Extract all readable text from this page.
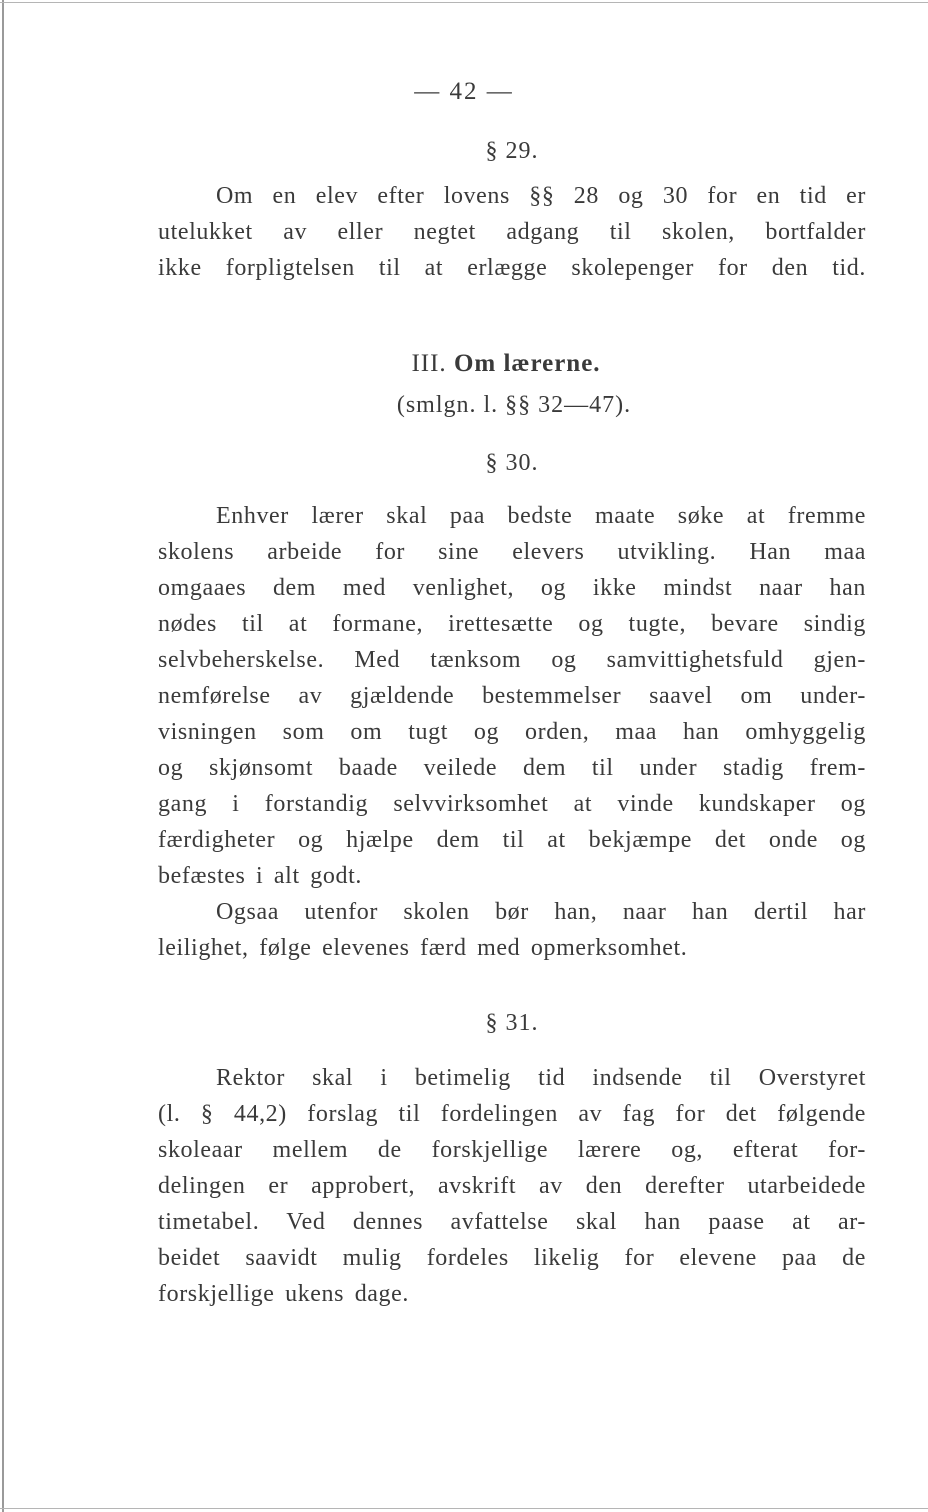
— 42 —
§ 29.
Om en elev efter lovens §§ 28 og 30 for en tid er
utelukket av eller negtet adgang til skolen, bortfalder
ikke forpligtelsen til at erlægge skolepenger for den tid.
III. Om lærerne.
(smlgn. l. §§ 32—47).
§ 30.
Enhver lærer skal paa bedste maate søke at fremme
skolens arbeide for sine elevers utvikling. Han maa
omgaaes dem med venlighet, og ikke mindst naar han
nødes til at formane, irettesætte og tugte, bevare sindig
selvbeherskelse. Med tænksom og samvittighetsfuld gjen-
nemførelse av gjældende bestemmelser saavel om under-
visningen som om tugt og orden, maa han omhyggelig
og skjønsomt baade veilede dem til under stadig frem-
gang i forstandig selvvirksomhet at vinde kundskaper og
færdigheter og hjælpe dem til at bekjæmpe det onde og
befæstes i alt godt.
Ogsaa utenfor skolen bør han, naar han dertil har
leilighet, følge elevenes færd med opmerksomhet.
§ 31.
Rektor skal i betimelig tid indsende til Overstyret
(l. § 44,2) forslag til fordelingen av fag for det følgende
skoleaar mellem de forskjellige lærere og, efterat for-
delingen er approbert, avskrift av den derefter utarbeidede
timetabel. Ved dennes avfattelse skal han paase at ar-
beidet saavidt mulig fordeles likelig for elevene paa de
forskjellige ukens dage.
